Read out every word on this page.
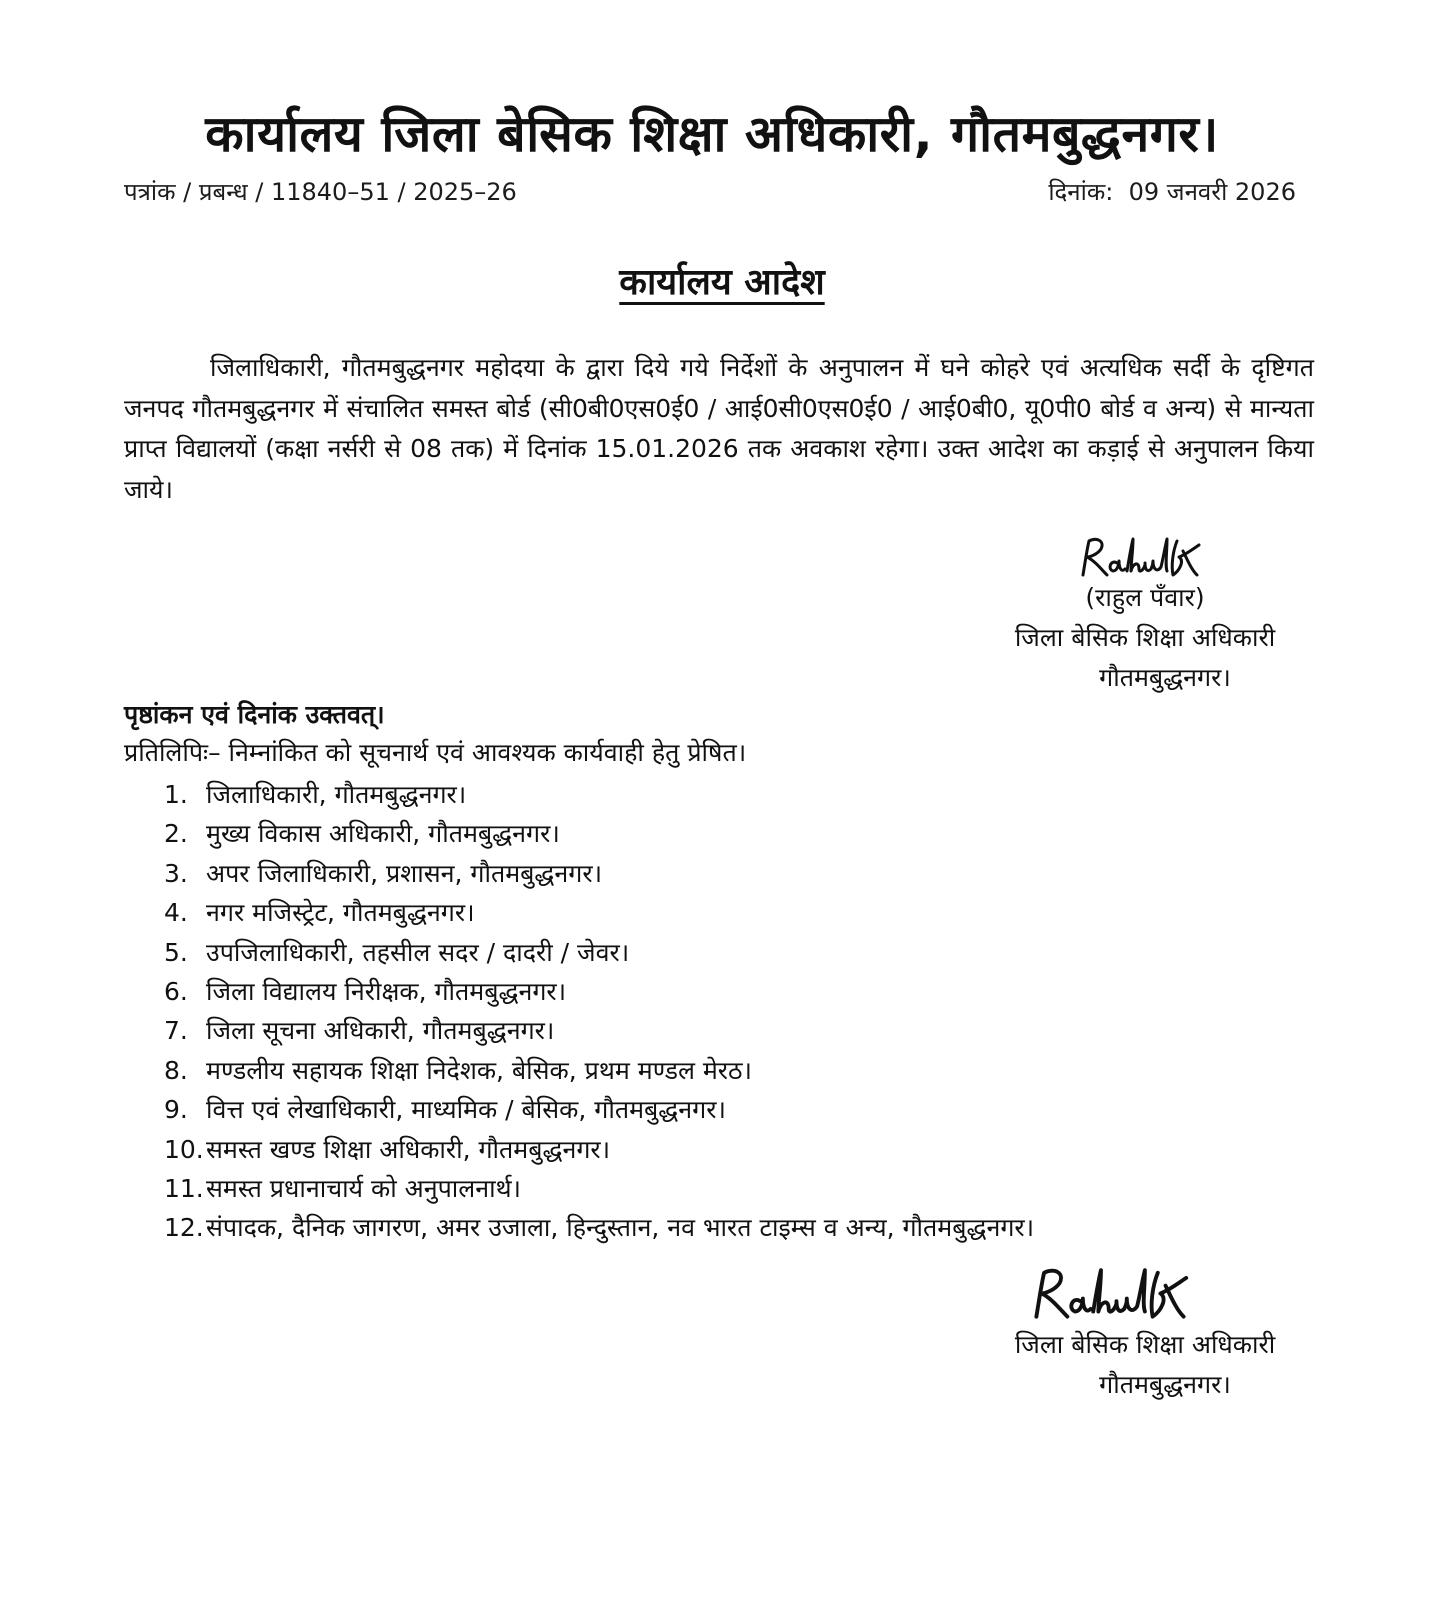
कार्यालय जिला बेसिक शिक्षा अधिकारी, गौतमबुद्धनगर।
पत्रांक / प्रबन्ध / 11840–51 / 2025–26	दिनांक: 09 जनवरी 2026
कार्यालय आदेश

जिलाधिकारी, गौतमबुद्धनगर महोदया के द्वारा दिये गये निर्देशों के अनुपालन में घने कोहरे एवं अत्यधिक सर्दी के दृष्टिगत जनपद गौतमबुद्धनगर में संचालित समस्त बोर्ड (सी0बी0एस0ई0 / आई0सी0एस0ई0 / आई0बी0, यू0पी0 बोर्ड व अन्य) से मान्यता प्राप्त विद्यालयों (कक्षा नर्सरी से 08 तक) में दिनांक 15.01.2026 तक अवकाश रहेगा। उक्त आदेश का कड़ाई से अनुपालन किया जाये।

(राहुल पँवार)
जिला बेसिक शिक्षा अधिकारी
गौतमबुद्धनगर।
पृष्ठांकन एवं दिनांक उक्तवत्।
प्रतिलिपिः– निम्नांकित को सूचनार्थ एवं आवश्यक कार्यवाही हेतु प्रेषित।
1. जिलाधिकारी, गौतमबुद्धनगर।
2. मुख्य विकास अधिकारी, गौतमबुद्धनगर।
3. अपर जिलाधिकारी, प्रशासन, गौतमबुद्धनगर।
4. नगर मजिस्ट्रेट, गौतमबुद्धनगर।
5. उपजिलाधिकारी, तहसील सदर / दादरी / जेवर।
6. जिला विद्यालय निरीक्षक, गौतमबुद्धनगर।
7. जिला सूचना अधिकारी, गौतमबुद्धनगर।
8. मण्डलीय सहायक शिक्षा निदेशक, बेसिक, प्रथम मण्डल मेरठ।
9. वित्त एवं लेखाधिकारी, माध्यमिक / बेसिक, गौतमबुद्धनगर।
10.समस्त खण्ड शिक्षा अधिकारी, गौतमबुद्धनगर।
11.समस्त प्रधानाचार्य को अनुपालनार्थ।
12.संपादक, दैनिक जागरण, अमर उजाला, हिन्दुस्तान, नव भारत टाइम्स व अन्य, गौतमबुद्धनगर।
जिला बेसिक शिक्षा अधिकारी
गौतमबुद्धनगर।
